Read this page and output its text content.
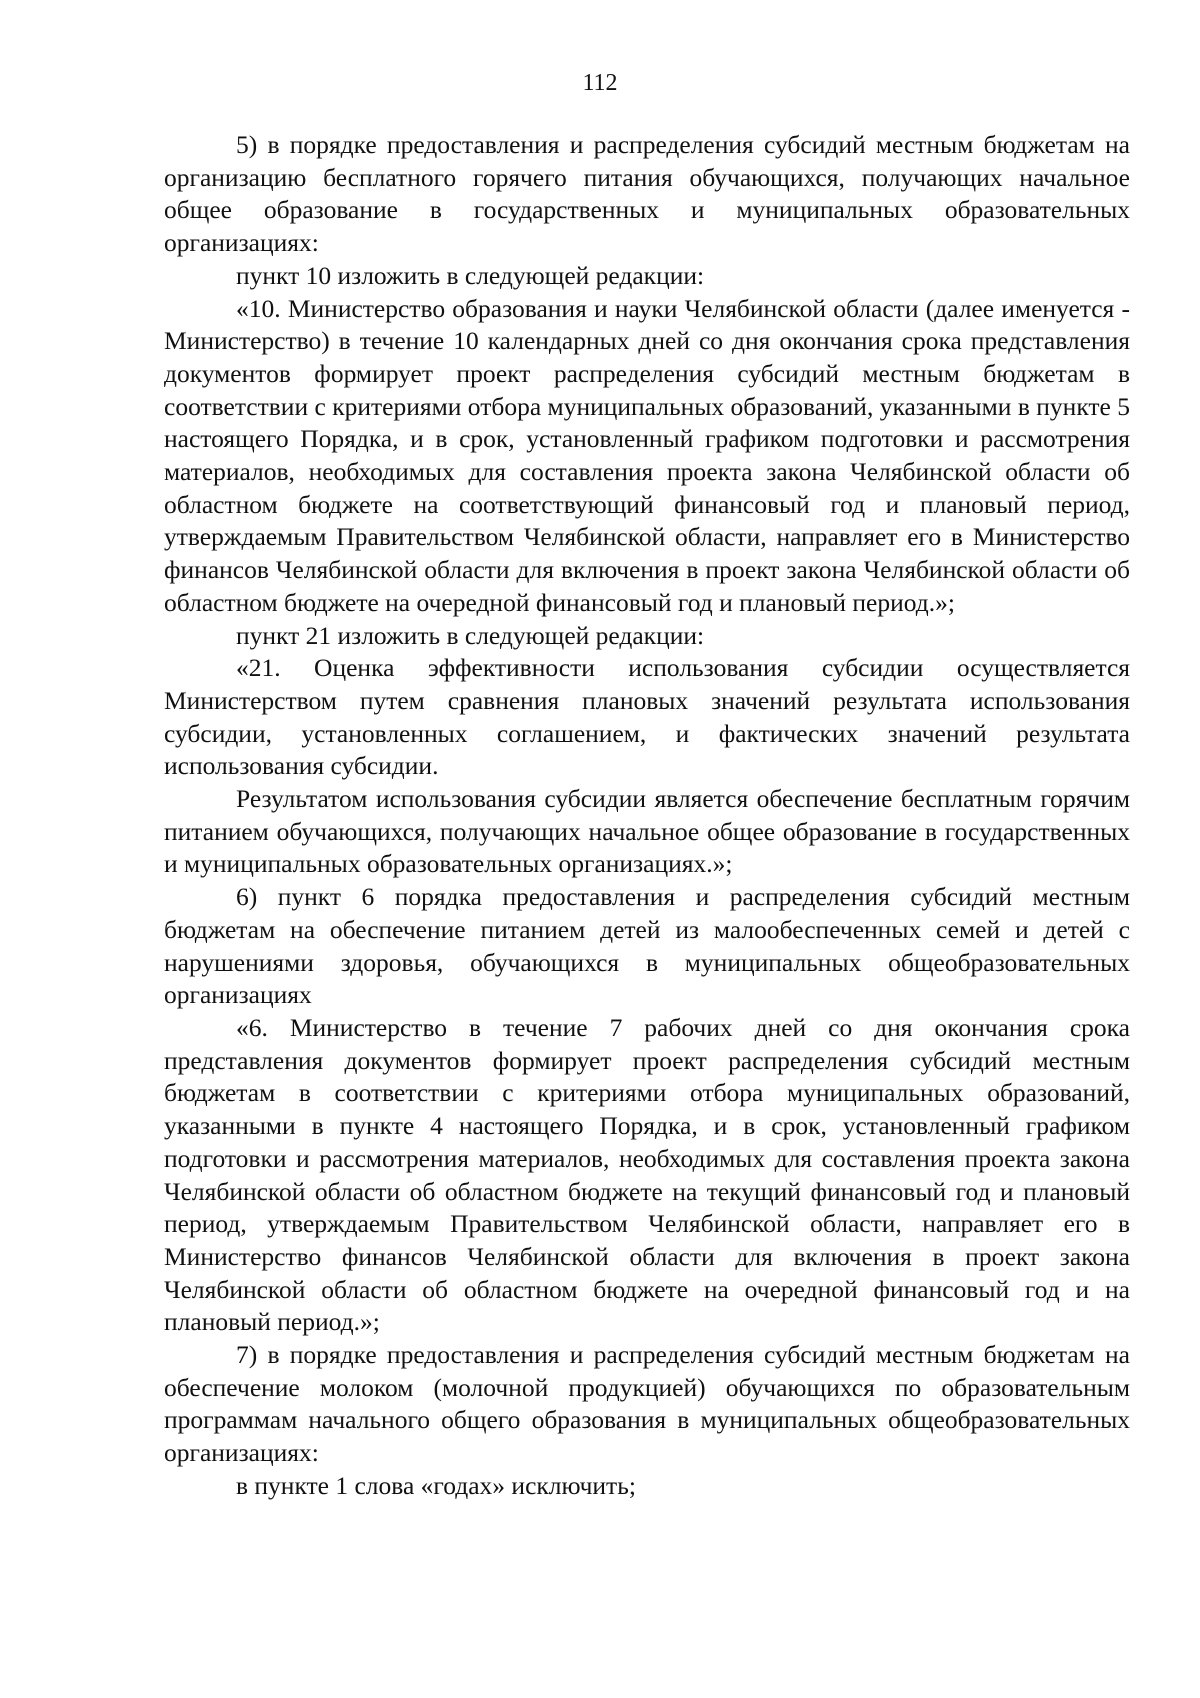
112

5) в порядке предоставления и распределения субсидий местным бюджетам на организацию бесплатного горячего питания обучающихся, получающих начальное общее образование в государственных и муниципальных образовательных организациях:

пункт 10 изложить в следующей редакции:

«10. Министерство образования и науки Челябинской области (далее именуется - Министерство) в течение 10 календарных дней со дня окончания срока представления документов формирует проект распределения субсидий местным бюджетам в соответствии с критериями отбора муниципальных образований, указанными в пункте 5 настоящего Порядка, и в срок, установленный графиком подготовки и рассмотрения материалов, необходимых для составления проекта закона Челябинской области об областном бюджете на соответствующий финансовый год и плановый период, утверждаемым Правительством Челябинской области, направляет его в Министерство финансов Челябинской области для включения в проект закона Челябинской области об областном бюджете на очередной финансовый год и плановый период.»;

пункт 21 изложить в следующей редакции:

«21. Оценка эффективности использования субсидии осуществляется Министерством путем сравнения плановых значений результата использования субсидии, установленных соглашением, и фактических значений результата использования субсидии.

Результатом использования субсидии является обеспечение бесплатным горячим питанием обучающихся, получающих начальное общее образование в государственных и муниципальных образовательных организациях.»;

6) пункт 6 порядка предоставления и распределения субсидий местным бюджетам на обеспечение питанием детей из малообеспеченных семей и детей с нарушениями здоровья, обучающихся в муниципальных общеобразовательных организациях

«6. Министерство в течение 7 рабочих дней со дня окончания срока представления документов формирует проект распределения субсидий местным бюджетам в соответствии с критериями отбора муниципальных образований, указанными в пункте 4 настоящего Порядка, и в срок, установленный графиком подготовки и рассмотрения материалов, необходимых для составления проекта закона Челябинской области об областном бюджете на текущий финансовый год и плановый период, утверждаемым Правительством Челябинской области, направляет его в Министерство финансов Челябинской области для включения в проект закона Челябинской области об областном бюджете на очередной финансовый год и на плановый период.»;

7) в порядке предоставления и распределения субсидий местным бюджетам на обеспечение молоком (молочной продукцией) обучающихся по образовательным программам начального общего образования в муниципальных общеобразовательных организациях:

в пункте 1 слова «годах» исключить;
